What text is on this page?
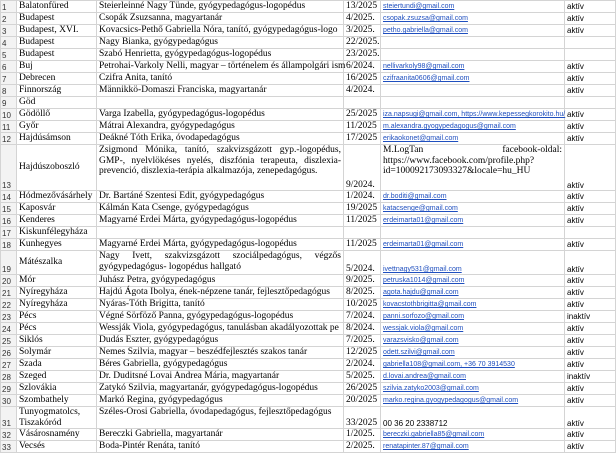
1	Balatonfüred	Steierleinné Nagy Tünde, gyógypedagógus-logopédus	13/2025	steiertundi@gmail.com	aktív
2	Budapest	Csopák Zsuzsanna, magyartanár	4/2025.	csopak.zsuzsa@gmail.com	aktív
3	Budapest, XVI.	Kovacsics-Pethő Gabriella Nóra, tanító, gyógypedagógus-logo	3/2025.	petho.gabriella@gmail.com	aktív
4	Budapest	Nagy Bianka, gyógypedagógus	22/2025.		
5	Budapest	Szabó Henrietta, gyógypedagógus-logopédus	23/2025.		
6	Buj	Petrohai-Varkoly Nelli, magyar – történelem és állampolgári ism	6/2024.	nellivarkoly98@gmail.com	aktív
7	Debrecen	Czifra Anita, tanító	16/2025	czifraanita0606@gmail.com	aktív
8	Finnország	Männikkö-Domaszi Franciska, magyartanár	4/2024.		aktív
9	Göd				
10	Gödöllő	Varga Izabella, gyógypedagógus-logopédus	25/2025	iza.napsugi@gmail.com, https://www.kepessegkorokito.hu/	aktív
11	Győr	Mátrai Alexandra, gyógypedagógus	11/2025	m.alexandra.gyogypedagogus@gmail.com	aktív
12	Hajdúsámson	Deákné Tóth Erika, óvodapedagógus	17/2025	erikaokonet@gmail.com	aktív
13	Hajdúszoboszló	Zsigmond Mónika, tanító, szakvizsgázott gyp.-logopédus, GMP-, nyelvlökéses nyelés, diszfónia terapeuta, diszlexia-prevenció, diszlexia-terápia alkalmazója, zenepedagógus.	9/2024.	M.LogTan facebook-oldal: https://www.facebook.com/profile.php?id=100092173093327&locale=hu_HU	aktív
14	Hódmezővásárhely	Dr. Bartáné Szentesi Edit, gyógypedagógus	1/2024.	dr.boditi@gmail.com	aktív
15	Kaposvár	Kálmán Kata Csenge, gyógypedagógus	19/2025	katacsenge@gmail.com	aktív
16	Kenderes	Magyarné Erdei Márta, gyógypedagógus-logopédus	11/2025	erdeimarta01@gmail.com	aktív
17	Kiskunfélegyháza				
18	Kunhegyes	Magyarné Erdei Márta, gyógypedagógus-logopédus	11/2025	erdeimarta01@gmail.com	aktív
19	Mátészalka	Nagy Ivett, szakvizsgázott szociálpedagógus, végzős gyógypedagógus- logopédus hallgató	5/2024.	ivettnagy531@gmail.com	aktív
20	Mór	Juhász Petra, gyógypedagógus	9/2025.	petruska1014@gmail.com	aktív
21	Nyíregyháza	Hajdú Ágota Ibolya, ének-népzene tanár, fejlesztőpedagógus	8/2025.	agota.hajdu@gmail.com	aktív
22	Nyíregyháza	Nyáras-Tóth Brigitta, tanító	10/2025	kovacstothbrigitta@gmail.com	aktív
23	Pécs	Végné Sörföző Panna, gyógypedagógus-logopédus	7/2024.	panni.sorfozo@gmail.com	inaktív
24	Pécs	Wessják Viola, gyógypedagógus, tanulásban akadályozottak pe	8/2024.	wessjak.viola@gmail.com	aktív
25	Siklós	Dudás Eszter, gyógypedagógus	7/2025.	varazsvisko@gmail.com	aktív
26	Solymár	Nemes Szilvia, magyar – beszédfejlesztés szakos tanár	12/2025	odett.szilvi@gmail.com	aktív
27	Szada	Béres Gabriella, gyógypedagógus	2/2024.	gabriella108@gmail.com, +36 70 3914530	aktív
28	Szeged	Dr. Duditsné Lovai Andrea Mária, magyartanár	5/2025.	d.lovai.andrea@gmail.com	inaktív
29	Szlovákia	Zatykó Szilvia, magyartanár, gyógypedagógus-logopédus	26/2025	szilvia.zatyko2003@gmail.com	aktív
30	Szombathely	Markó Regina, gyógypedagógus	20/2025	marko.regina.gyogypedagogus@gmail.com	aktív
31	Tunyogmatolcs, Tiszakóród	Széles-Orosi Gabriella, óvodapedagógus, fejlesztőpedagógus	33/2025	00 36 20 2338712	aktív
32	Vásárosnamény	Bereczki Gabriella, magyartanár	1/2025.	bereczki.gabriella85@gmail.com	aktív
33	Vecsés	Boda-Pintér Renáta, tanító	2/2025.	renatapinter.87@gmail.com	aktív
